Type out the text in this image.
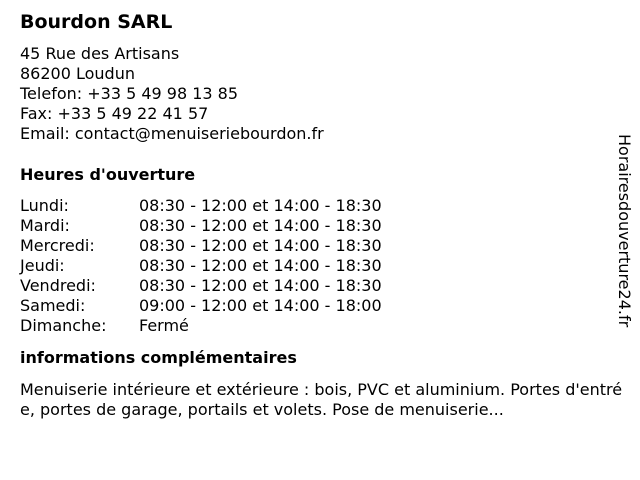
Bourdon SARL
45 Rue des Artisans
86200 Loudun
Telefon: +33 5 49 98 13 85
Fax: +33 5 49 22 41 57
Email: contact@menuiseriebourdon.fr
Heures d'ouverture
Lundi:	08:30 - 12:00 et 14:00 - 18:30
Mardi:	08:30 - 12:00 et 14:00 - 18:30
Mercredi:	08:30 - 12:00 et 14:00 - 18:30
Jeudi:	08:30 - 12:00 et 14:00 - 18:30
Vendredi:	08:30 - 12:00 et 14:00 - 18:30
Samedi:	09:00 - 12:00 et 14:00 - 18:00
Dimanche:	Fermé
informations complémentaires
Menuiserie intérieure et extérieure : bois, PVC et aluminium. Portes d'entrée, portes de garage, portails et volets. Pose de menuiserie...
Horairesdouverture24.fr
